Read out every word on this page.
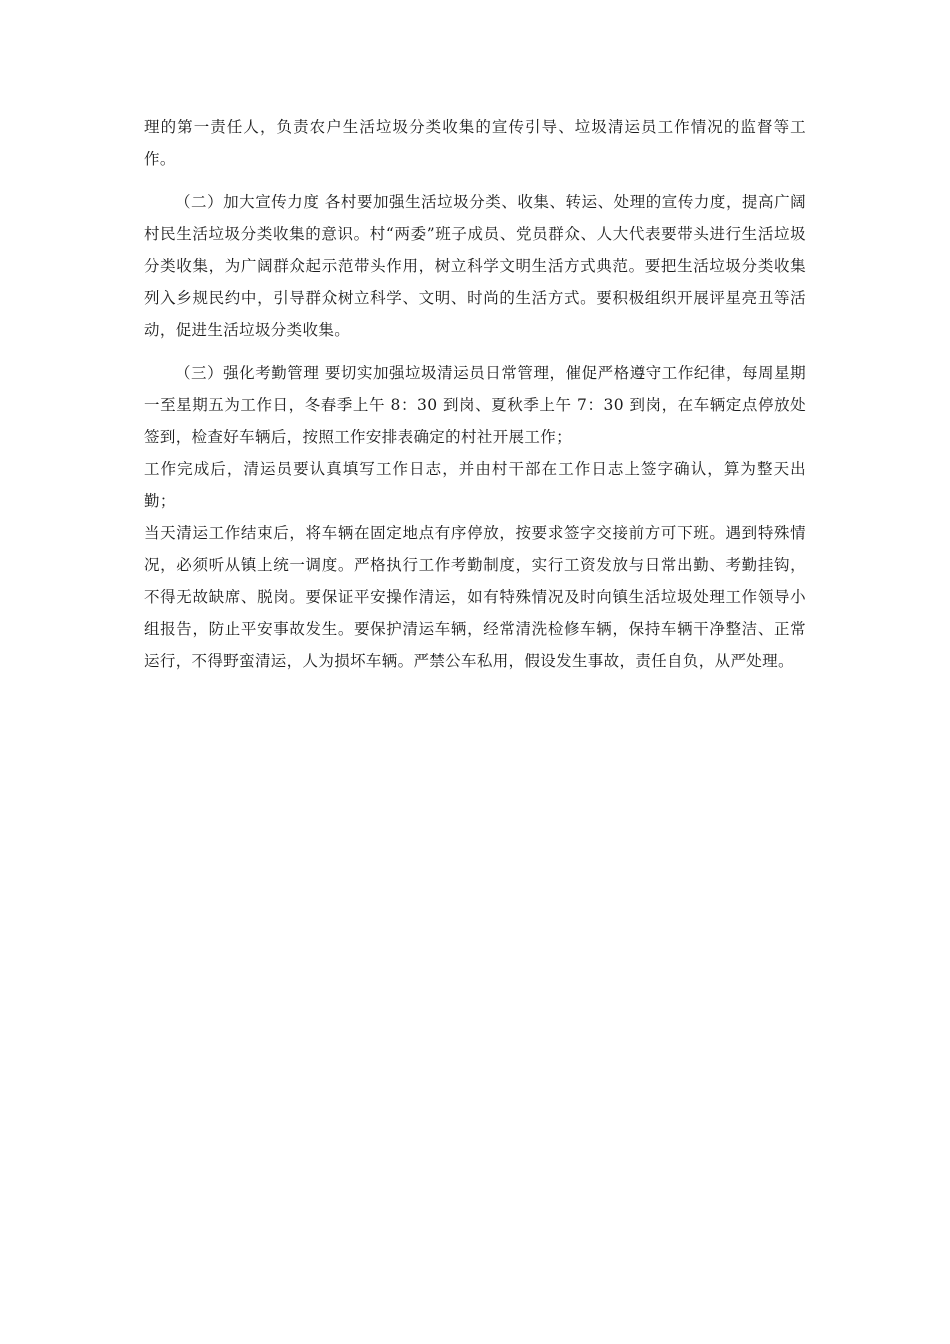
理的第一责任人，负责农户生活垃圾分类收集的宣传引导、垃圾清运员工作情况的监督等工作。

（二）加大宣传力度 各村要加强生活垃圾分类、收集、转运、处理的宣传力度，提高广阔村民生活垃圾分类收集的意识。村“两委”班子成员、党员群众、人大代表要带头进行生活垃圾分类收集，为广阔群众起示范带头作用，树立科学文明生活方式典范。要把生活垃圾分类收集列入乡规民约中，引导群众树立科学、文明、时尚的生活方式。要积极组织开展评星亮丑等活动，促进生活垃圾分类收集。

（三）强化考勤管理 要切实加强垃圾清运员日常管理，催促严格遵守工作纪律，每周星期一至星期五为工作日，冬春季上午 8：30 到岗、夏秋季上午 7：30 到岗，在车辆定点停放处签到，检查好车辆后，按照工作安排表确定的村社开展工作；

工作完成后，清运员要认真填写工作日志，并由村干部在工作日志上签字确认，算为整天出勤；

当天清运工作结束后，将车辆在固定地点有序停放，按要求签字交接前方可下班。遇到特殊情况，必须听从镇上统一调度。严格执行工作考勤制度，实行工资发放与日常出勤、考勤挂钩，不得无故缺席、脱岗。要保证平安操作清运，如有特殊情况及时向镇生活垃圾处理工作领导小组报告，防止平安事故发生。要保护清运车辆，经常清洗检修车辆，保持车辆干净整洁、正常运行，不得野蛮清运，人为损坏车辆。严禁公车私用，假设发生事故，责任自负，从严处理。
